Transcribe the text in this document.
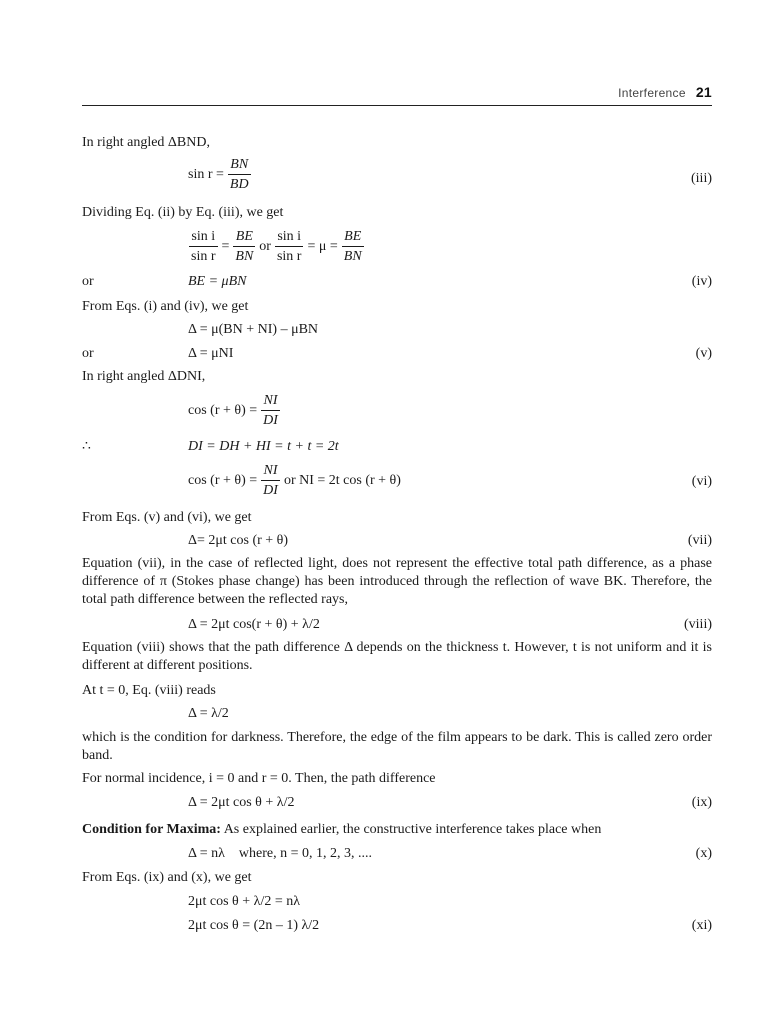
Interference 21
In right angled ΔBND,
$\sin r = \frac{BN}{BD}$	(iii)
Dividing Eq. (ii) by Eq. (iii), we get
$\frac{\text{sin i}}{\text{sin r}} = \frac{BE}{BN}$ or $\frac{\text{sin i}}{\text{sin r}} = \mu = \frac{BE}{BN}$
or	BE = μBN	(iv)
From Eqs. (i) and (iv), we get
Δ = μ(BN + NI) – μBN
or	Δ = μNI	(v)
In right angled ΔDNI,
$\cos (r + \theta) = \frac{NI}{DI}$
∴	DI = DH + HI = t + t = 2t
$\cos (r + \theta) = \frac{NI}{DI}$ or NI = 2t cos (r + θ)	(vi)
From Eqs. (v) and (vi), we get
Δ= 2μt cos (r + θ)	(vii)
Equation (vii), in the case of reflected light, does not represent the effective total path difference, as a phase difference of π (Stokes phase change) has been introduced through the reflection of wave BK. Therefore, the total path difference between the reflected rays,
Δ = 2μt cos(r + θ) + λ/2	(viii)
Equation (viii) shows that the path difference Δ depends on the thickness t. However, t is not uniform and it is different at different positions.
At t = 0, Eq. (viii) reads
Δ = λ/2
which is the condition for darkness. Therefore, the edge of the film appears to be dark. This is called zero order band.
For normal incidence, i = 0 and r = 0. Then, the path difference
Δ = 2μt cos θ + λ/2	(ix)
Condition for Maxima: As explained earlier, the constructive interference takes place when
Δ = nλ    where, n = 0, 1, 2, 3, ....	(x)
From Eqs. (ix) and (x), we get
2μt cos θ + λ/2 = nλ
2μt cos θ = (2n – 1) λ/2	(xi)
